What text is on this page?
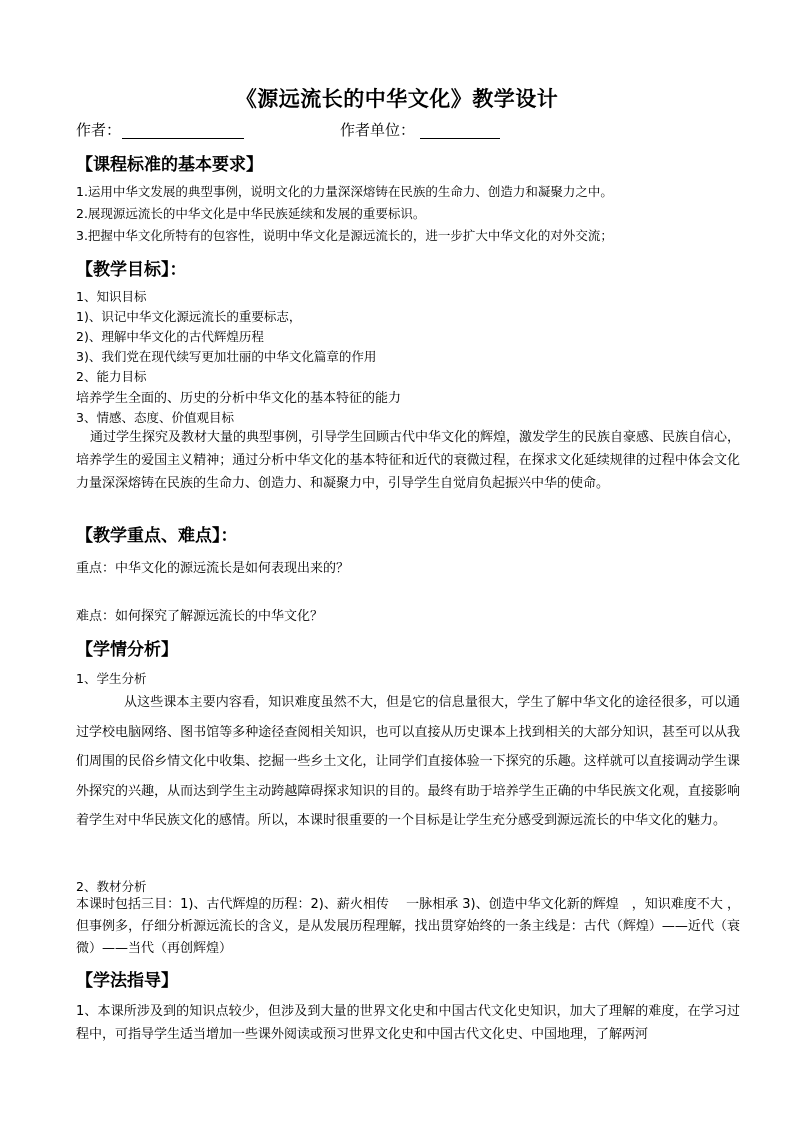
《源远流长的中华文化》教学设计
作者：	作者单位：
【课程标准的基本要求】
1.运用中华文发展的典型事例，说明文化的力量深深熔铸在民族的生命力、创造力和凝聚力之中。
2.展现源远流长的中华文化是中华民族延续和发展的重要标识。
3.把握中华文化所特有的包容性，说明中华文化是源远流长的，进一步扩大中华文化的对外交流；
【教学目标】：
1、知识目标
1)、识记中华文化源远流长的重要标志，
2)、理解中华文化的古代辉煌历程
3)、我们党在现代续写更加壮丽的中华文化篇章的作用
2、能力目标
培养学生全面的、历史的分析中华文化的基本特征的能力
3、情感、态度、价值观目标
通过学生探究及教材大量的典型事例，引导学生回顾古代中华文化的辉煌，激发学生的民族自豪感、民族自信心，培养学生的爱国主义精神；通过分析中华文化的基本特征和近代的衰微过程，在探求文化延续规律的过程中体会文化力量深深熔铸在民族的生命力、创造力、和凝聚力中，引导学生自觉肩负起振兴中华的使命。
【教学重点、难点】：
重点：中华文化的源远流长是如何表现出来的？
难点：如何探究了解源远流长的中华文化？
【学情分析】
1、学生分析
从这些课本主要内容看，知识难度虽然不大，但是它的信息量很大，学生了解中华文化的途径很多，可以通过学校电脑网络、图书馆等多种途径查阅相关知识，也可以直接从历史课本上找到相关的大部分知识，甚至可以从我们周围的民俗乡情文化中收集、挖掘一些乡土文化，让同学们直接体验一下探究的乐趣。这样就可以直接调动学生课外探究的兴趣，从而达到学生主动跨越障碍探求知识的目的。最终有助于培养学生正确的中华民族文化观，直接影响着学生对中华民族文化的感情。所以，本课时很重要的一个目标是让学生充分感受到源远流长的中华文化的魅力。
2、教材分析
本课时包括三目：1)、古代辉煌的历程：2)、薪火相传　 一脉相承 3)、创造中华文化新的辉煌　，知识难度不大 ，但事例多，仔细分析源远流长的含义，是从发展历程理解，找出贯穿始终的一条主线是：古代（辉煌）——近代（衰微）——当代（再创辉煌）
【学法指导】
1、本课所涉及到的知识点较少，但涉及到大量的世界文化史和中国古代文化史知识，加大了理解的难度，在学习过程中，可指导学生适当增加一些课外阅读或预习世界文化史和中国古代文化史、中国地理，了解两河
